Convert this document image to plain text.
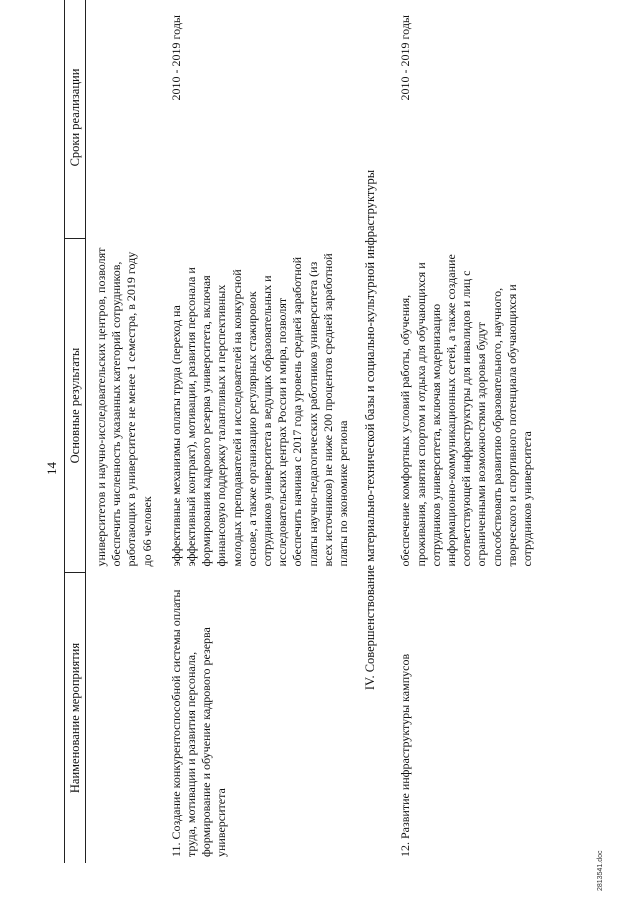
14
Наименование мероприятия	Основные результаты	Сроки реализации
	университетов и научно-исследовательских центров, позволят обеспечить численность указанных категорий сотрудников, работающих в университете не менее 1 семестра, в 2019 году до 66 человек	
11. Создание конкурентоспособной системы оплаты труда, мотивации и развития персонала, формирование и обучение кадрового резерва университета	эффективные механизмы оплаты труда (переход на эффективный контракт), мотивации, развития персонала и формирования кадрового резерва университета, включая финансовую поддержку талантливых и перспективных молодых преподавателей и исследователей на конкурсной основе, а также организацию регулярных стажировок сотрудников университета в ведущих образовательных и исследовательских центрах России и мира, позволят обеспечить начиная с 2017 года уровень средней заработной платы научно-педагогических работников университета (из всех источников) не ниже 200 процентов средней заработной платы по экономике региона	2010 - 2019 годы
IV. Совершенствование материально-технической базы и социально-культурной инфраструктуры		
12. Развитие инфраструктуры кампусов	обеспечение комфортных условий работы, обучения, проживания, занятия спортом и отдыха для обучающихся и сотрудников университета, включая модернизацию информационно-коммуникационных сетей, а также создание соответствующей инфраструктуры для инвалидов и лиц с ограниченными возможностями здоровья будут способствовать развитию образовательного, научного, творческого и спортивного потенциала обучающихся и сотрудников университета	2010 - 2019 годы
2813541.doc
